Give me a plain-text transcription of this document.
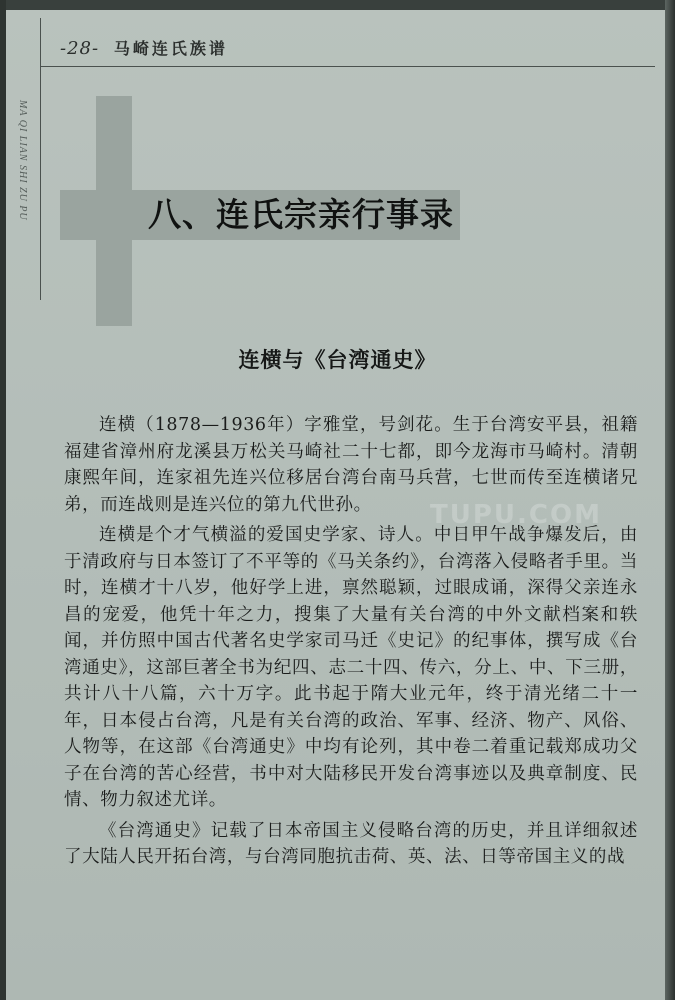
-28- 马崎连氏族谱
MA QI LIAN SHI ZU PU	八、连氏宗亲行事录
连横与《台湾通史》

连横（1878—1936年）字雅堂，号剑花。生于台湾安平县，祖籍福建省漳州府龙溪县万松关马崎社二十七都，即今龙海市马崎村。清朝康熙年间，连家祖先连兴位移居台湾台南马兵营，七世而传至连横诸兄弟，而连战则是连兴位的第九代世孙。

连横是个才气横溢的爱国史学家、诗人。中日甲午战争爆发后，由于清政府与日本签订了不平等的《马关条约》，台湾落入侵略者手里。当时，连横才十八岁，他好学上进，禀然聪颖，过眼成诵，深得父亲连永昌的宠爱，他凭十年之力，搜集了大量有关台湾的中外文献档案和轶闻，并仿照中国古代著名史学家司马迁《史记》的纪事体，撰写成《台湾通史》，这部巨著全书为纪四、志二十四、传六，分上、中、下三册，共计八十八篇，六十万字。此书起于隋大业元年，终于清光绪二十一年，日本侵占台湾，凡是有关台湾的政治、军事、经济、物产、风俗、人物等，在这部《台湾通史》中均有论列，其中卷二着重记载郑成功父子在台湾的苦心经营，书中对大陆移民开发台湾事迹以及典章制度、民情、物力叙述尤详。

《台湾通史》记载了日本帝国主义侵略台湾的历史，并且详细叙述了大陆人民开拓台湾，与台湾同胞抗击荷、英、法、日等帝国主义的战

TUPU.COM
